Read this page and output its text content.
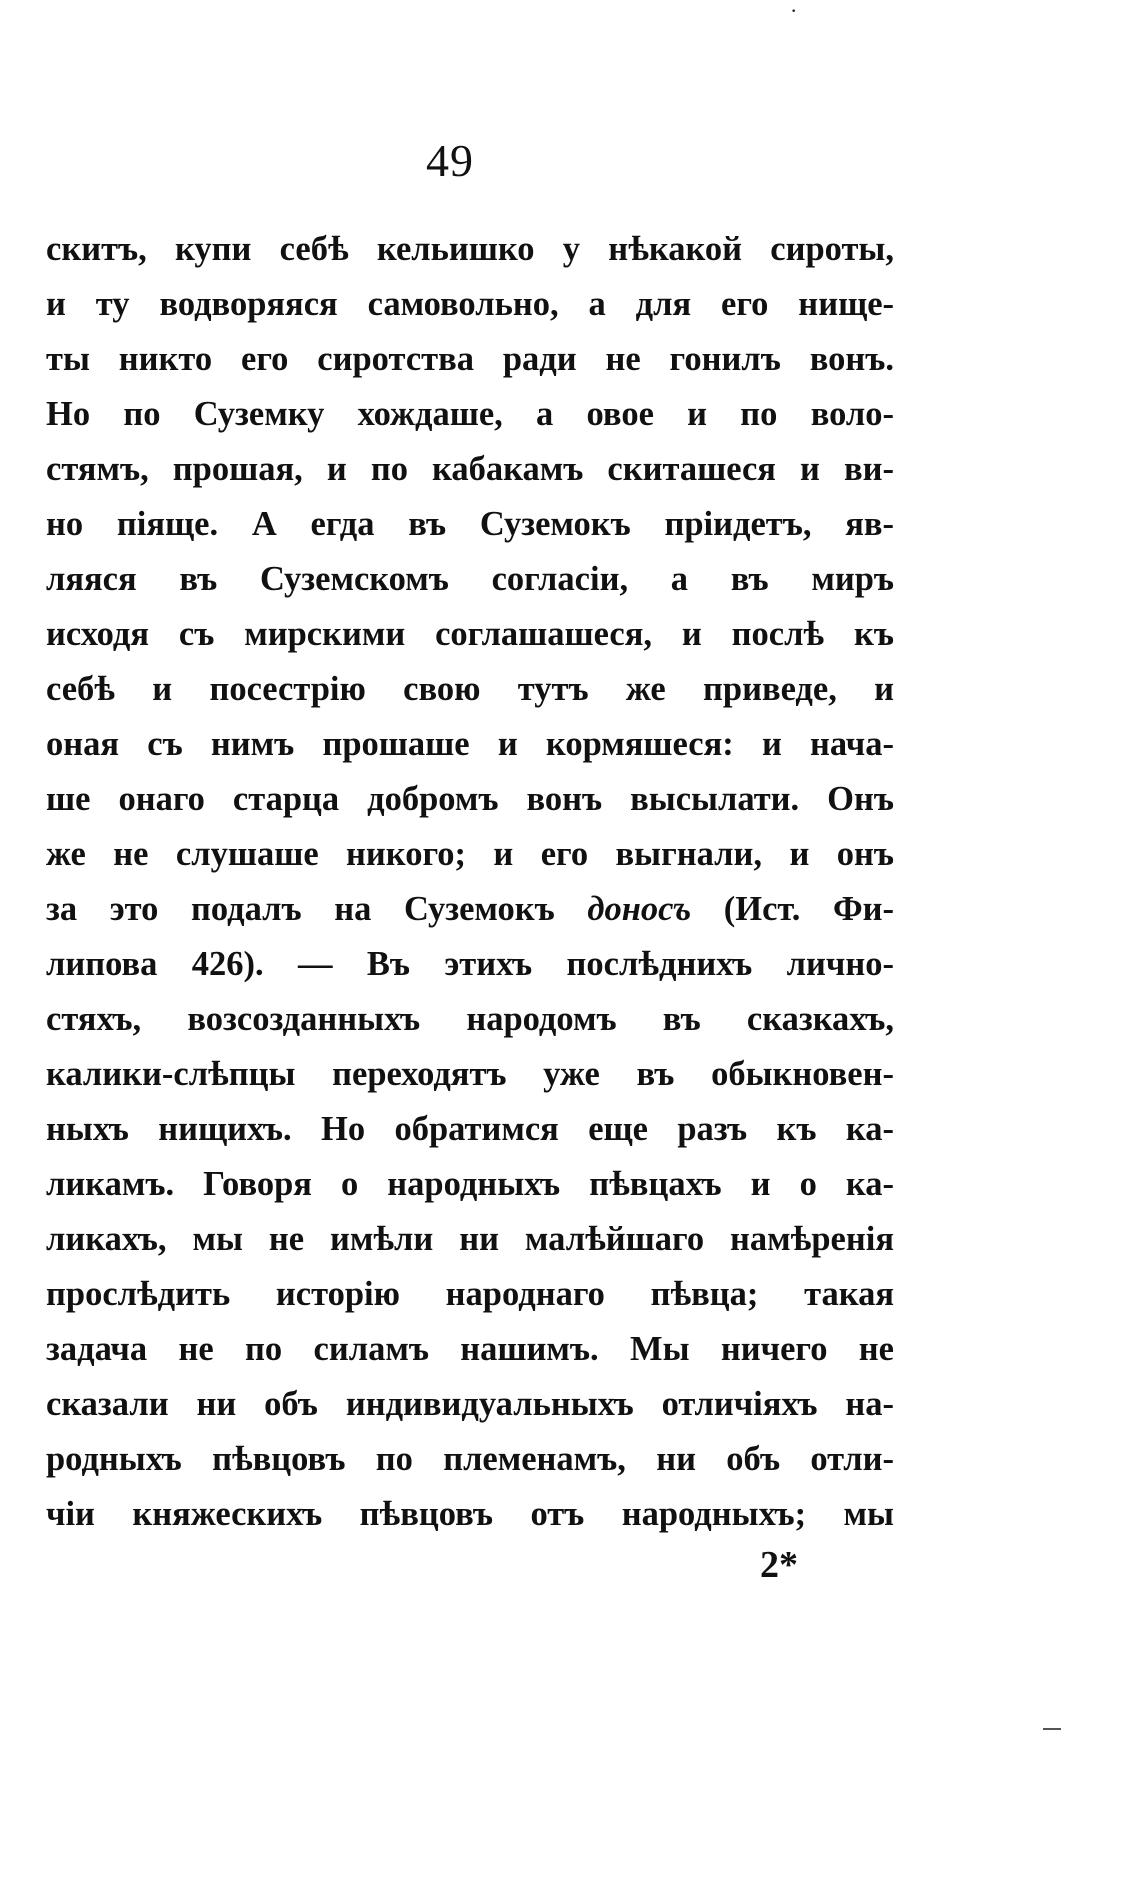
·
49
скитъ, купи себѣ кельишко у нѣкакой сироты,
и ту водворяяся самовольно, а для его нище-
ты никто его сиротства ради не гонилъ вонъ.
Но по Суземку хождаше, а овое и по воло-
стямъ, прошая, и по кабакамъ скиташеся и ви-
но піяще. А егда въ Суземокъ пріидетъ, яв-
ляяся въ Суземскомъ согласіи, а въ миръ
исходя съ мирскими соглашашеся, и послѣ къ
себѣ и посестрію свою тутъ же приведе, и
оная съ нимъ прошаше и кормяшеся: и нача-
ше онаго старца добромъ вонъ высылати. Онъ
же не слушаше никого; и его выгнали, и онъ
за это подалъ на Суземокъ доносъ (Ист. Фи-
липова 426). — Въ этихъ послѣднихъ лично-
стяхъ, возсозданныхъ народомъ въ сказкахъ,
калики-слѣпцы переходятъ уже въ обыкновен-
ныхъ нищихъ. Но обратимся еще разъ къ ка-
ликамъ. Говоря о народныхъ пѣвцахъ и о ка-
ликахъ, мы не имѣли ни малѣйшаго намѣренія
прослѣдить исторію народнаго пѣвца; такая
задача не по силамъ нашимъ. Мы ничего не
сказали ни объ индивидуальныхъ отличіяхъ на-
родныхъ пѣвцовъ по племенамъ, ни объ отли-
чіи княжескихъ пѣвцовъ отъ народныхъ; мы
2*
